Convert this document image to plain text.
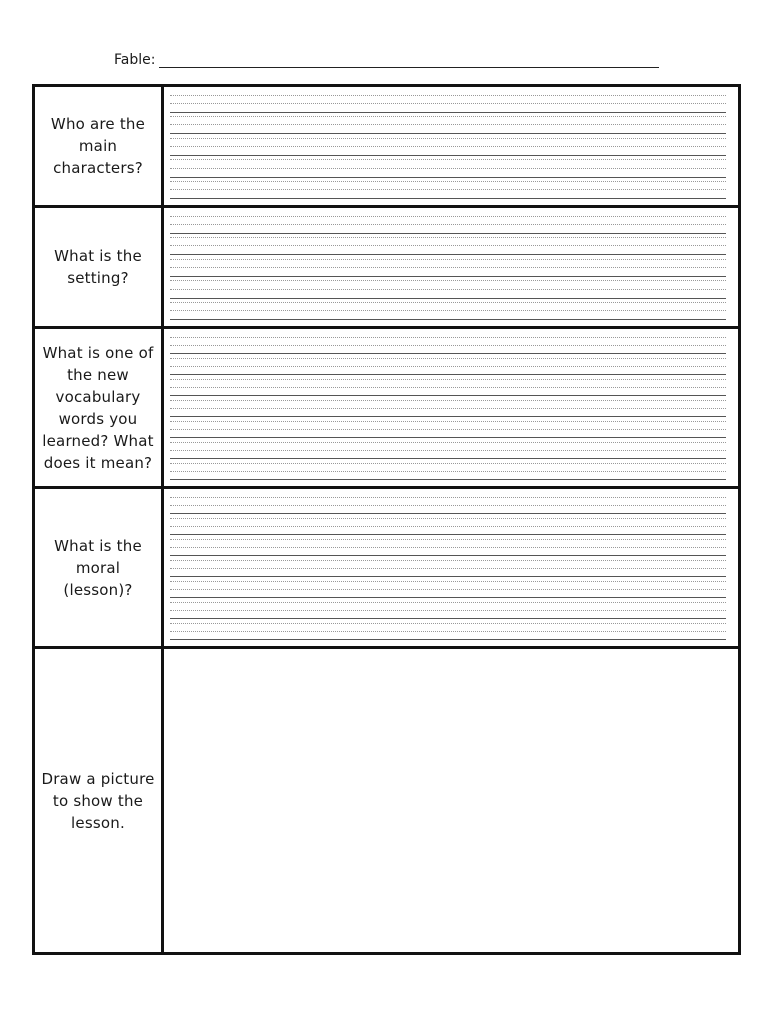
Fable:
Who are the main characters?	

What is the setting?	

What is one of the new vocabulary words you learned? What does it mean?	

What is the moral (lesson)?	

Draw a picture to show the lesson.	
